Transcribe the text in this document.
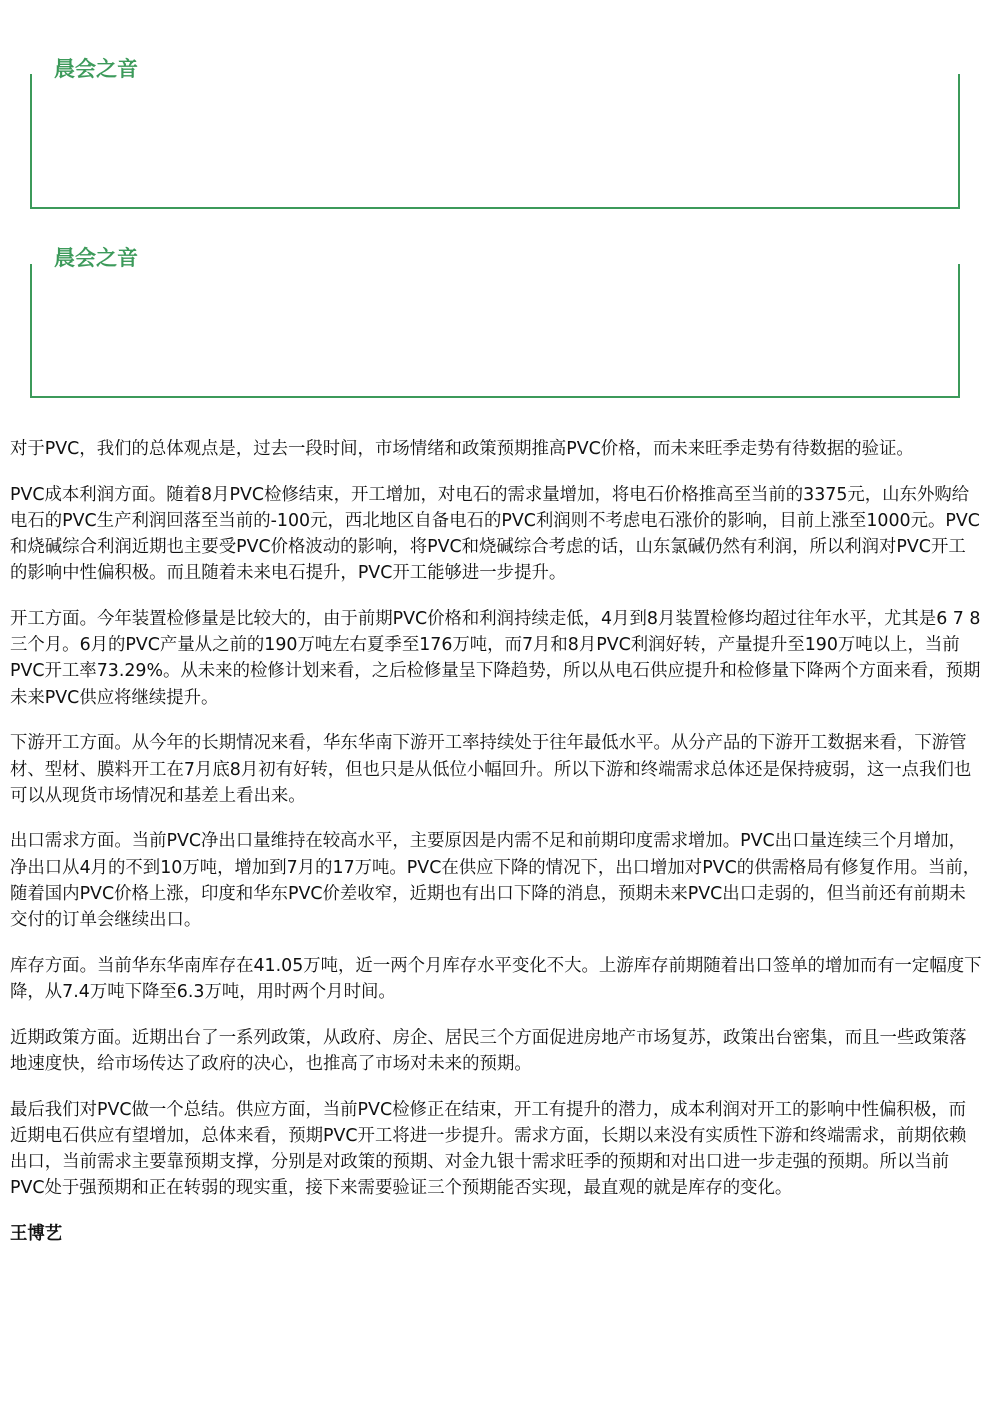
晨会之音
晨会之音

对于PVC，我们的总体观点是，过去一段时间，市场情绪和政策预期推高PVC价格，而未来旺季走势有待数据的验证。

PVC成本利润方面。随着8月PVC检修结束，开工增加，对电石的需求量增加，将电石价格推高至当前的3375元，山东外购给电石的PVC生产利润回落至当前的-100元，西北地区自备电石的PVC利润则不考虑电石涨价的影响，目前上涨至1000元。PVC和烧碱综合利润近期也主要受PVC价格波动的影响，将PVC和烧碱综合考虑的话，山东氯碱仍然有利润，所以利润对PVC开工的影响中性偏积极。而且随着未来电石提升，PVC开工能够进一步提升。

开工方面。今年装置检修量是比较大的，由于前期PVC价格和利润持续走低，4月到8月装置检修均超过往年水平，尤其是6 7 8三个月。6月的PVC产量从之前的190万吨左右夏季至176万吨，而7月和8月PVC利润好转，产量提升至190万吨以上，当前PVC开工率73.29%。从未来的检修计划来看，之后检修量呈下降趋势，所以从电石供应提升和检修量下降两个方面来看，预期未来PVC供应将继续提升。

下游开工方面。从今年的长期情况来看，华东华南下游开工率持续处于往年最低水平。从分产品的下游开工数据来看，下游管材、型材、膜料开工在7月底8月初有好转，但也只是从低位小幅回升。所以下游和终端需求总体还是保持疲弱，这一点我们也可以从现货市场情况和基差上看出来。

出口需求方面。当前PVC净出口量维持在较高水平，主要原因是内需不足和前期印度需求增加。PVC出口量连续三个月增加，净出口从4月的不到10万吨，增加到7月的17万吨。PVC在供应下降的情况下，出口增加对PVC的供需格局有修复作用。当前，随着国内PVC价格上涨，印度和华东PVC价差收窄，近期也有出口下降的消息，预期未来PVC出口走弱的，但当前还有前期未交付的订单会继续出口。

库存方面。当前华东华南库存在41.05万吨，近一两个月库存水平变化不大。上游库存前期随着出口签单的增加而有一定幅度下降，从7.4万吨下降至6.3万吨，用时两个月时间。

近期政策方面。近期出台了一系列政策，从政府、房企、居民三个方面促进房地产市场复苏，政策出台密集，而且一些政策落地速度快，给市场传达了政府的决心，也推高了市场对未来的预期。

最后我们对PVC做一个总结。供应方面，当前PVC检修正在结束，开工有提升的潜力，成本利润对开工的影响中性偏积极，而近期电石供应有望增加，总体来看，预期PVC开工将进一步提升。需求方面，长期以来没有实质性下游和终端需求，前期依赖出口，当前需求主要靠预期支撑，分别是对政策的预期、对金九银十需求旺季的预期和对出口进一步走强的预期。所以当前PVC处于强预期和正在转弱的现实重，接下来需要验证三个预期能否实现，最直观的就是库存的变化。

王博艺
